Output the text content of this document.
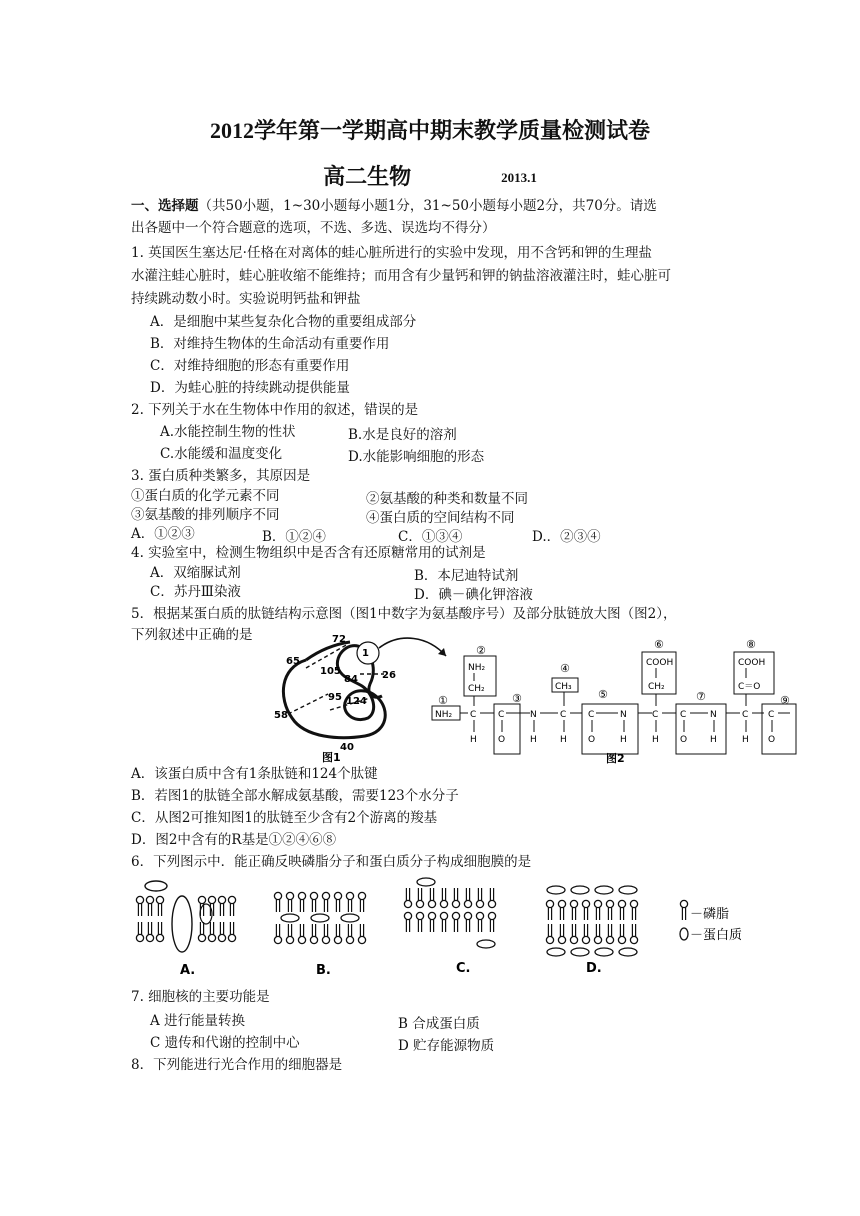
2012学年第一学期高中期末教学质量检测试卷
高二生物	2013.1
一、选择题（共50小题，1~30小题每小题1分，31~50小题每小题2分，共70分。请选
出各题中一个符合题意的选项，不选、多选、误选均不得分）
1. 英国医生塞达尼·任格在对离体的蛙心脏所进行的实验中发现，用不含钙和钾的生理盐
水灌注蛙心脏时，蛙心脏收缩不能维持；而用含有少量钙和钾的钠盐溶液灌注时，蛙心脏可
持续跳动数小时。实验说明钙盐和钾盐
A．是细胞中某些复杂化合物的重要组成部分
B．对维持生物体的生命活动有重要作用
C．对维持细胞的形态有重要作用
D．为蛙心脏的持续跳动提供能量
2. 下列关于水在生物体中作用的叙述，错误的是
A.水能控制生物的性状	B.水是良好的溶剂
C.水能缓和温度变化	D.水能影响细胞的形态
3. 蛋白质种类繁多，其原因是
①蛋白质的化学元素不同	②氨基酸的种类和数量不同
③氨基酸的排列顺序不同	④蛋白质的空间结构不同
A．①②③	B．①②④	C．①③④	D.．②③④
4. 实验室中，检测生物组织中是否含有还原糖常用的试剂是
A．双缩脲试剂	B．本尼迪特试剂
C．苏丹Ⅲ染液	D．碘－碘化钾溶液
5．根据某蛋白质的肽链结构示意图（图1中数字为氨基酸序号）及部分肽链放大图（图2），
下列叙述中正确的是	72
65
1
26
105
84
95 124
58
40
图1
①
②
③
④
⑤
⑥
⑦
⑧
⑨
NH₂ C
H
NH₂
CH₂
C
O
N
H
C
H
CH₃
C
O
N
H
C
H
COOH
CH₂
C
O
N
H
C
H
COOH
C＝O
C
O
图2
A．该蛋白质中含有1条肽链和124个肽键
B．若图1的肽链全部水解成氨基酸，需要123个水分子
C．从图2可推知图1的肽链至少含有2个游离的羧基
D．图2中含有的R基是①②④⑥⑧
6．下列图示中．能正确反映磷脂分子和蛋白质分子构成细胞膜的是
A.	B.	C.	D.
－磷脂
－蛋白质
7. 细胞核的主要功能是
A 进行能量转换	B 合成蛋白质
C 遗传和代谢的控制中心	D 贮存能源物质
8．下列能进行光合作用的细胞器是
